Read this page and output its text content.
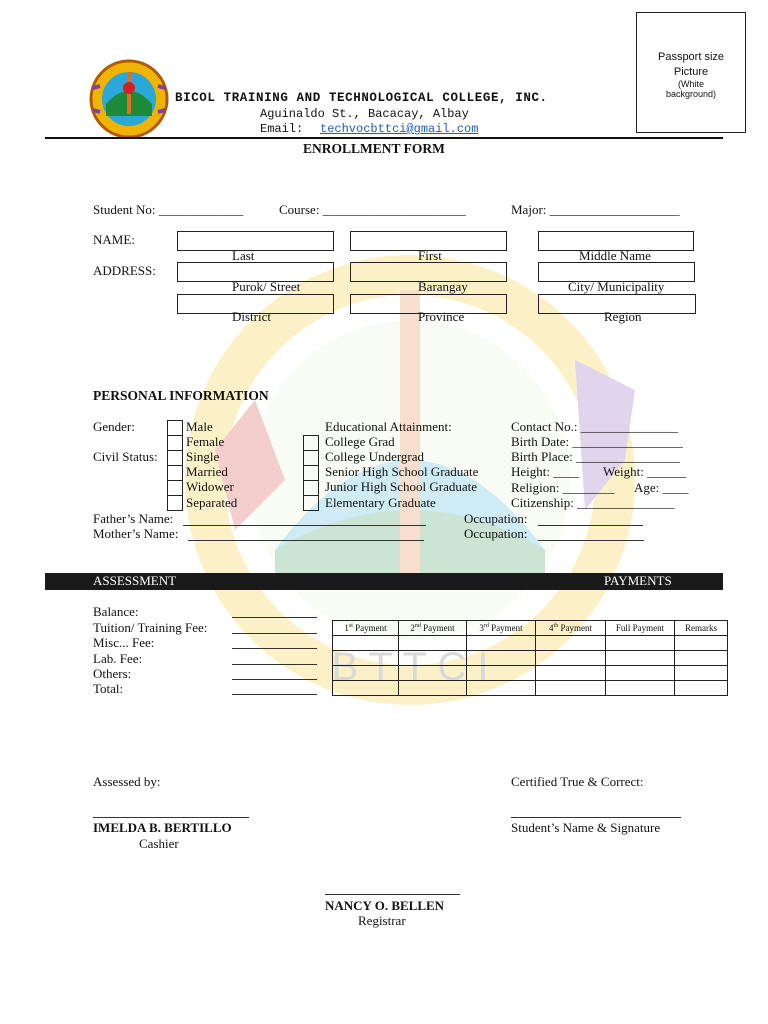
B T T C I
BICOL TRAINING AND TECHNOLOGICAL COLLEGE, INC.
Aguinaldo St., Bacacay, Albay
Email: techvocbttci@gmail.com
Passport size
Picture
(White
background)
ENROLLMENT FORM
Student No: _____________	Course: ______________________	Major: ____________________
NAME:
Last	First	Middle Name
ADDRESS:
Purok/ Street	Barangay	City/ Municipality
District	Province	Region
PERSONAL INFORMATION
Gender:	Male
Female
Civil Status: Single
Married
Widower
Separated
Educational Attainment:
College Grad
College Undergrad
Senior High School Graduate
Junior High School Graduate
Elementary Graduate
Contact No.: _______________
Birth Date: _________________
Birth Place: ________________
Height: ____ Weight: ______
Religion: ________ Age: ____
Citizenship: _______________
Father’s Name:	Occupation:
Mother’s Name:	Occupation:
ASSESSMENT	PAYMENTS
Balance:
Tuition/ Training Fee:
Misc... Fee:
Lab. Fee:
Others:
Total:
1st Payment	2nd Payment	3rd Payment	4th Payment	Full Payment	Remarks

Assessed by:	Certified True & Correct:
IMELDA B. BERTILLO
Cashier
Student’s Name & Signature
NANCY O. BELLEN
Registrar
